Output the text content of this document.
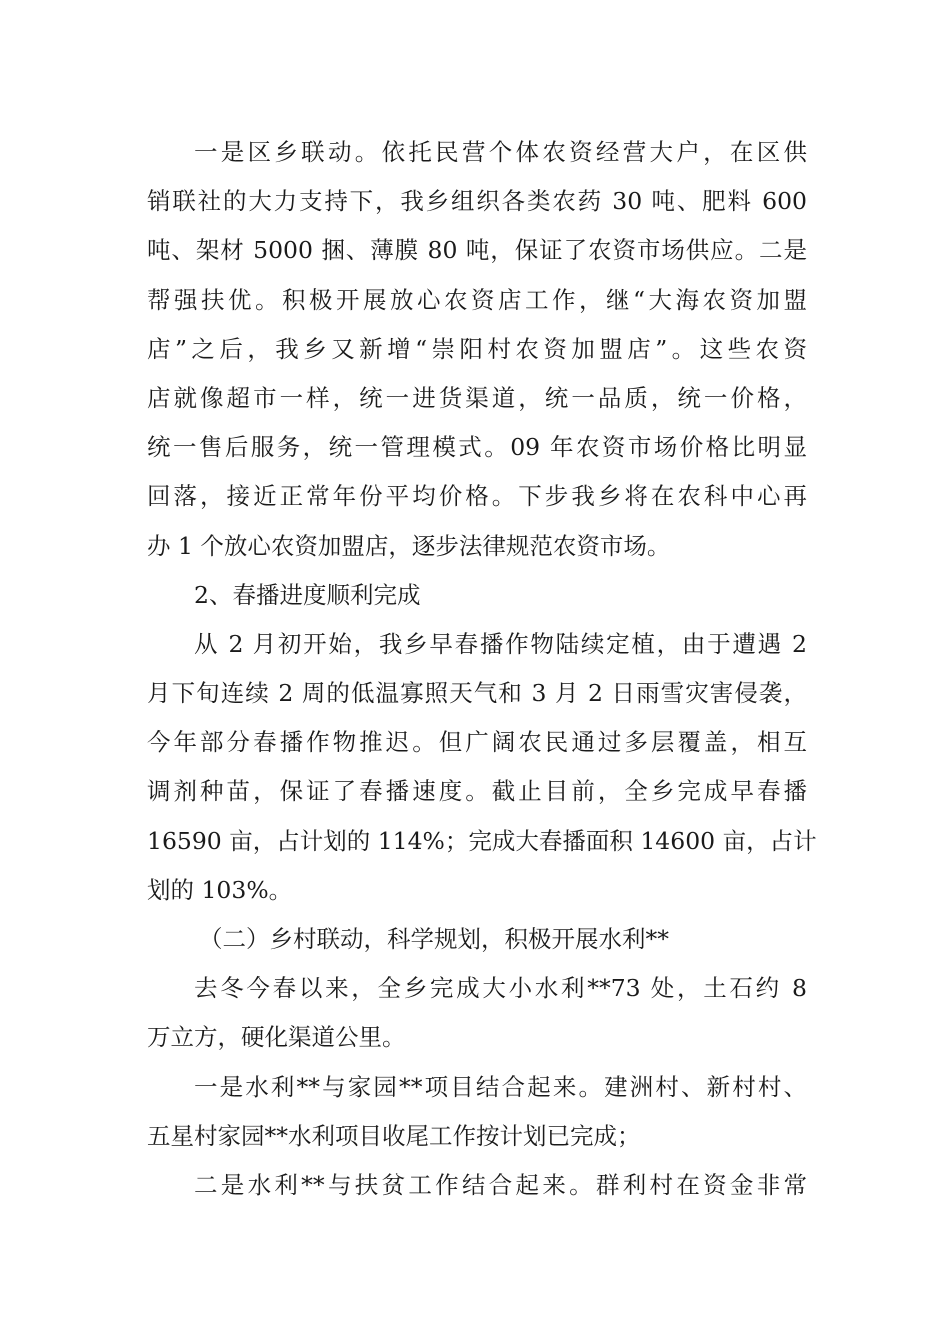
一是区乡联动。依托民营个体农资经营大户，在区供
销联社的大力支持下，我乡组织各类农药 30 吨、肥料 600
吨、架材 5000 捆、薄膜 80 吨，保证了农资市场供应。二是
帮强扶优。积极开展放心农资店工作，继“大海农资加盟
店”之后，我乡又新增“崇阳村农资加盟店”。这些农资
店就像超市一样，统一进货渠道，统一品质，统一价格，
统一售后服务，统一管理模式。09 年农资市场价格比明显
回落，接近正常年份平均价格。下步我乡将在农科中心再
办 1 个放心农资加盟店，逐步法律规范农资市场。
2、春播进度顺利完成
从 2 月初开始，我乡早春播作物陆续定植，由于遭遇 2
月下旬连续 2 周的低温寡照天气和 3 月 2 日雨雪灾害侵袭，
今年部分春播作物推迟。但广阔农民通过多层覆盖，相互
调剂种苗，保证了春播速度。截止目前，全乡完成早春播
16590 亩，占计划的 114%；完成大春播面积 14600 亩，占计
划的 103%。
（二）乡村联动，科学规划，积极开展水利**
去冬今春以来，全乡完成大小水利**73 处，土石约 8
万立方，硬化渠道公里。
一是水利**与家园**项目结合起来。建洲村、新村村、
五星村家园**水利项目收尾工作按计划已完成；
二是水利**与扶贫工作结合起来。群利村在资金非常
